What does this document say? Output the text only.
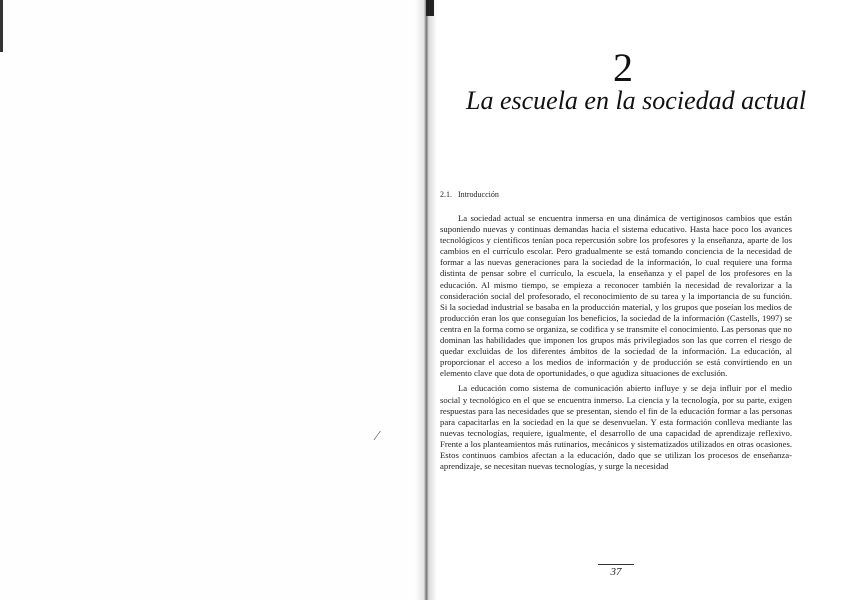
⁄
2
La escuela en la sociedad actual
2.1. Introducción

La sociedad actual se encuentra inmersa en una dinámica de vertiginosos cambios que están suponiendo nuevas y continuas demandas hacia el sistema educativo. Hasta hace poco los avances tecnológicos y científicos tenían poca repercusión sobre los profesores y la enseñanza, aparte de los cambios en el currículo escolar. Pero gradualmente se está tomando conciencia de la necesidad de formar a las nuevas generaciones para la sociedad de la información, lo cual requiere una forma distinta de pensar sobre el currículo, la escuela, la enseñanza y el papel de los profesores en la educación. Al mismo tiempo, se empieza a reconocer también la necesidad de revalorizar a la consideración social del profesorado, el reconocimiento de su tarea y la importancia de su función. Si la sociedad industrial se basaba en la producción material, y los grupos que poseían los medios de producción eran los que conseguían los beneficios, la sociedad de la información (Castells, 1997) se centra en la forma como se organiza, se codifica y se transmite el conocimiento. Las personas que no dominan las habilidades que imponen los grupos más privilegiados son las que corren el riesgo de quedar excluidas de los diferentes ámbitos de la sociedad de la información. La educación, al proporcionar el acceso a los medios de información y de producción se está convirtiendo en un elemento clave que dota de oportunidades, o que agudiza situaciones de exclusión.

La educación como sistema de comunicación abierto influye y se deja influir por el medio social y tecnológico en el que se encuentra inmerso. La ciencia y la tecnología, por su parte, exigen respuestas para las necesidades que se presentan, siendo el fin de la educación formar a las personas para capacitarlas en la sociedad en la que se desenvuelan. Y esta formación conlleva mediante las nuevas tecnologías, requiere, igualmente, el desarrollo de una capacidad de aprendizaje reflexivo. Frente a los planteamientos más rutinarios, mecánicos y sistematizados utilizados en otras ocasiones. Estos continuos cambios afectan a la educación, dado que se utilizan los procesos de enseñanza-aprendizaje, se necesitan nuevas tecnologías, y surge la necesidad

37
